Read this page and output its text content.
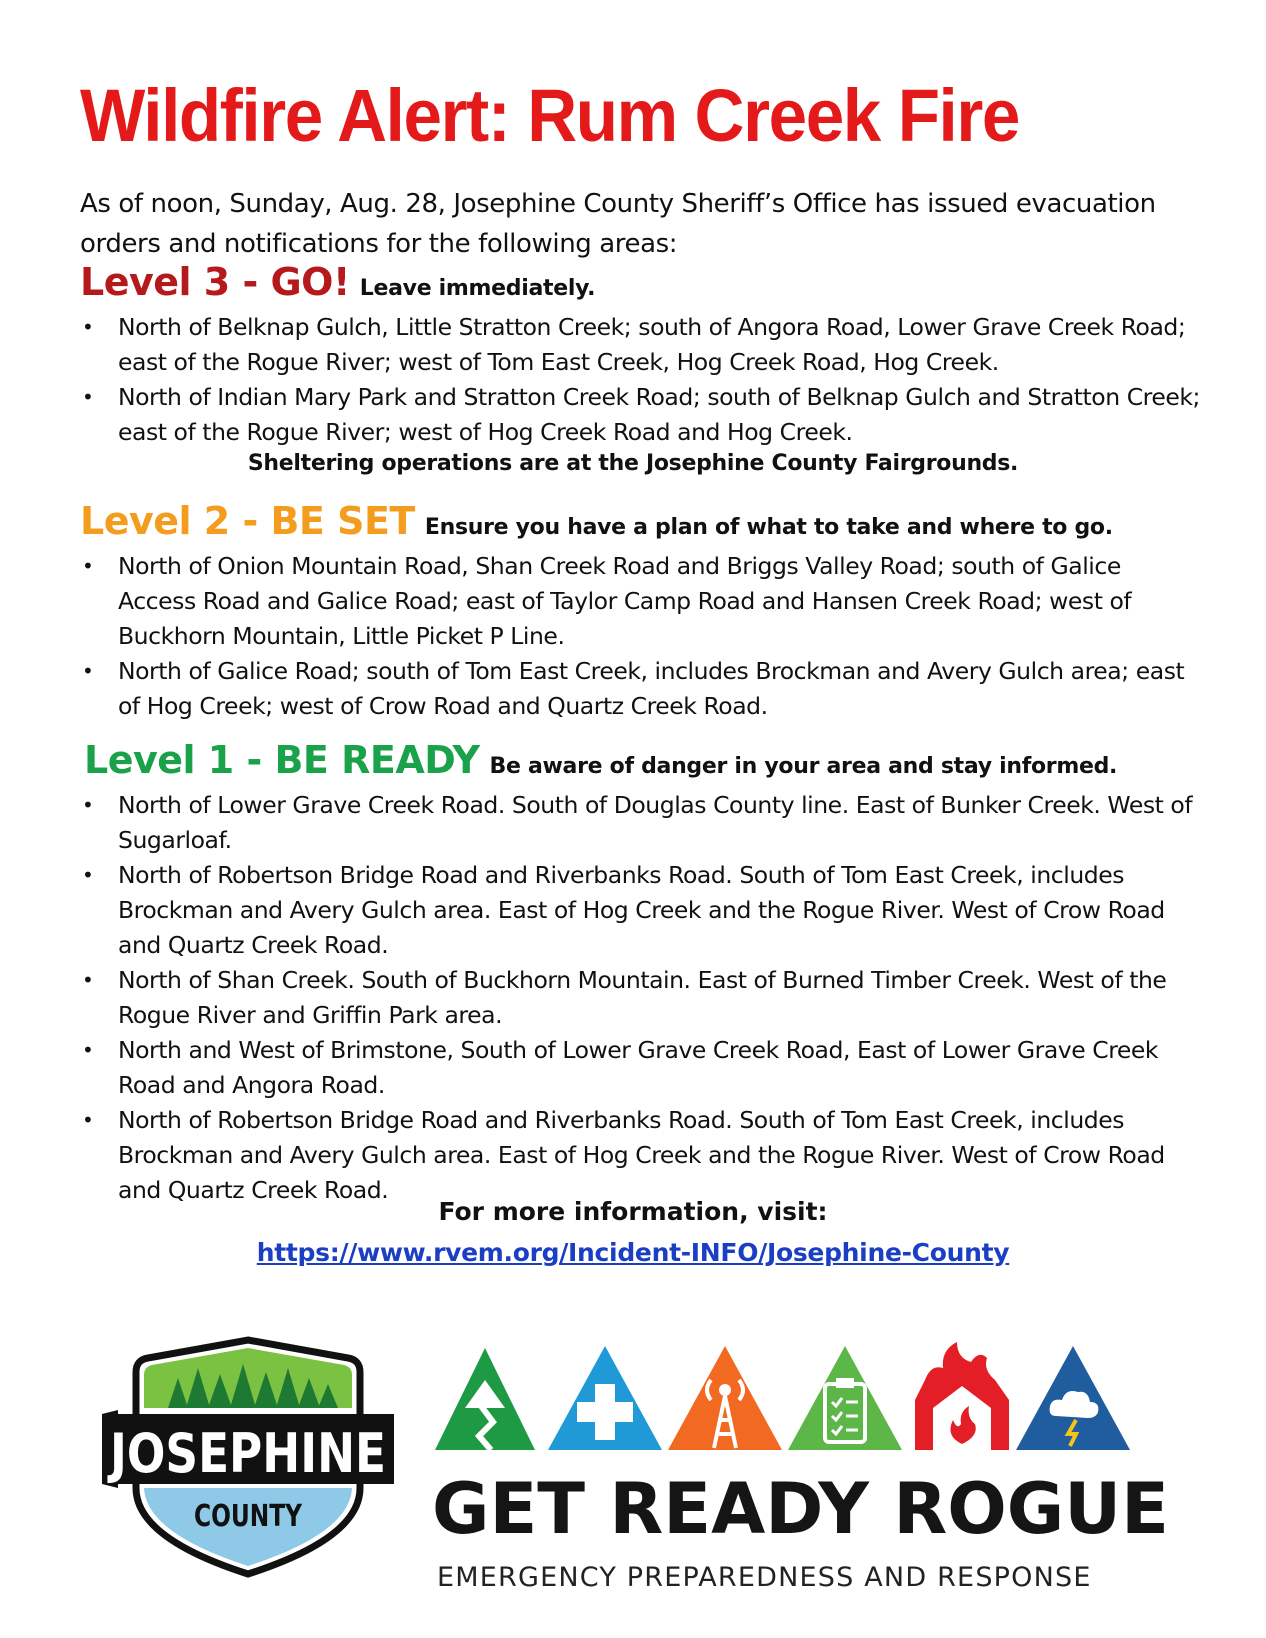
Wildfire Alert: Rum Creek Fire
As of noon, Sunday, Aug. 28, Josephine County Sheriff’s Office has issued evacuation orders and notifications for the following areas:
Level 3 - GO! Leave immediately.
• North of Belknap Gulch, Little Stratton Creek; south of Angora Road, Lower Grave Creek Road; east of the Rogue River; west of Tom East Creek, Hog Creek Road, Hog Creek.
• North of Indian Mary Park and Stratton Creek Road; south of Belknap Gulch and Stratton Creek; east of the Rogue River; west of Hog Creek Road and Hog Creek.
Sheltering operations are at the Josephine County Fairgrounds.
Level 2 - BE SET Ensure you have a plan of what to take and where to go.
• North of Onion Mountain Road, Shan Creek Road and Briggs Valley Road; south of Galice Access Road and Galice Road; east of Taylor Camp Road and Hansen Creek Road; west of Buckhorn Mountain, Little Picket P Line.
• North of Galice Road; south of Tom East Creek, includes Brockman and Avery Gulch area; east of Hog Creek; west of Crow Road and Quartz Creek Road.
Level 1 - BE READY Be aware of danger in your area and stay informed.
• North of Lower Grave Creek Road. South of Douglas County line. East of Bunker Creek. West of Sugarloaf.
• North of Robertson Bridge Road and Riverbanks Road. South of Tom East Creek, includes Brockman and Avery Gulch area. East of Hog Creek and the Rogue River. West of Crow Road and Quartz Creek Road.
• North of Shan Creek. South of Buckhorn Mountain. East of Burned Timber Creek. West of the Rogue River and Griffin Park area.
• North and West of Brimstone, South of Lower Grave Creek Road, East of Lower Grave Creek Road and Angora Road.
• North of Robertson Bridge Road and Riverbanks Road. South of Tom East Creek, includes Brockman and Avery Gulch area. East of Hog Creek and the Rogue River. West of Crow Road and Quartz Creek Road.
For more information, visit:
https://www.rvem.org/Incident-INFO/Josephine-County
JOSEPHINE
COUNTY GET READY ROGUE
EMERGENCY PREPAREDNESS AND RESPONSE
